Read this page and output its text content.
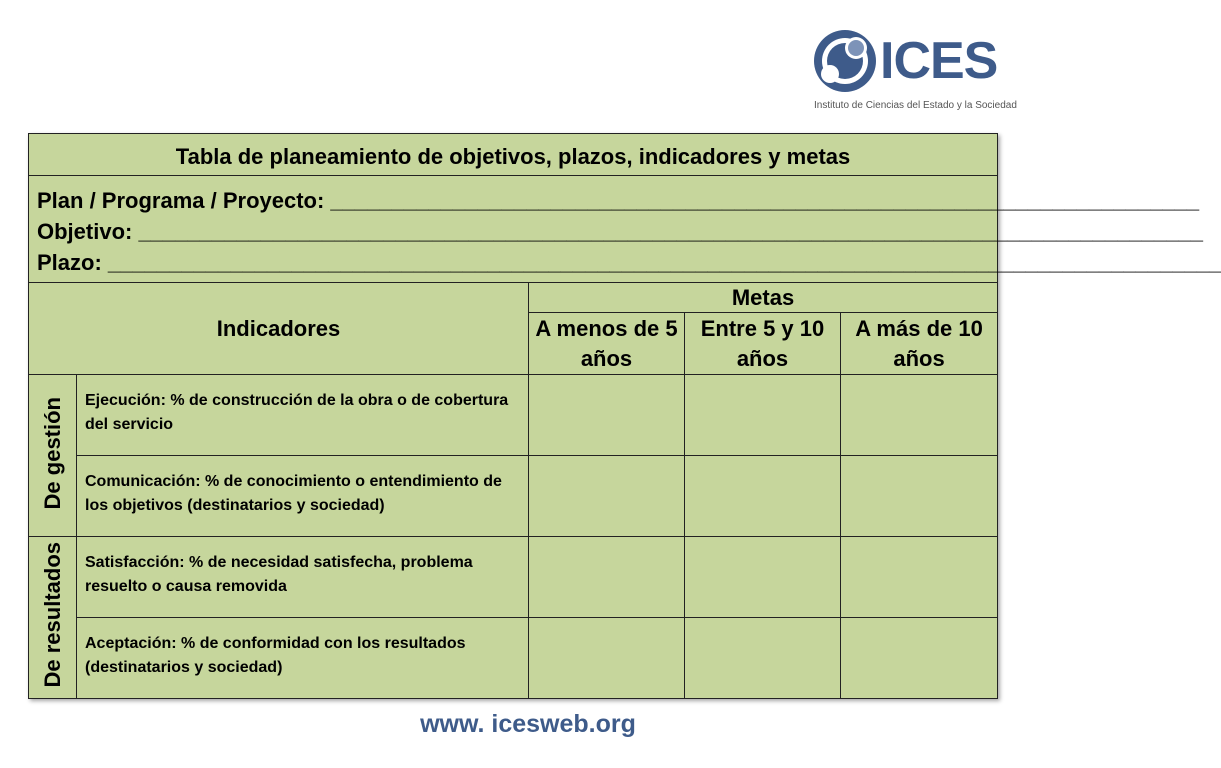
ICES
Instituto de Ciencias del Estado y la Sociedad
Tabla de planeamiento de objetivos, plazos, indicadores y metas				

Plan / Programa / Proyecto: _______________________________________________________________________
Objetivo: _______________________________________________________________________________________
Plazo: ___________________________________________________________________________________________				

Indicadores		Metas		
		A menos de 5 años	Entre 5 y 10 años	A más de 10 años
De gestión	Ejecución: % de construcción de la obra o de cobertura del servicio			
	Comunicación: % de conocimiento o entendimiento de los objetivos (destinatarios y sociedad)			
De resultados	Satisfacción: % de necesidad satisfecha, problema resuelto o causa removida			
	Aceptación: % de conformidad con los resultados (destinatarios y sociedad)			
www. icesweb.org
